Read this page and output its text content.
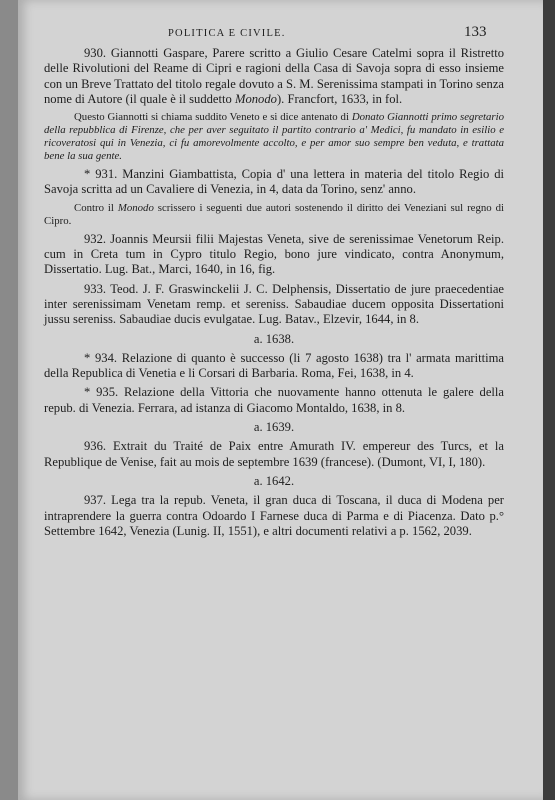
POLITICA E CIVILE.	133

930. Giannotti Gaspare, Parere scritto a Giulio Cesare Catelmi sopra il Ristretto delle Rivolutioni del Reame di Cipri e ragioni della Casa di Savoja sopra di esso insieme con un Breve Trattato del titolo regale dovuto a S. M. Serenissima stampati in Torino senza nome di Autore (il quale è il suddetto Monodo). Francfort, 1633, in fol.

Questo Giannotti si chiama suddito Veneto e si dice antenato di Donato Giannotti primo segretario della repubblica di Firenze, che per aver seguitato il partito contrario a' Medici, fu mandato in esilio e ricoveratosi qui in Venezia, ci fu amorevolmente accolto, e per amor suo sempre ben veduta, e trattata bene la sua gente.

* 931. Manzini Giambattista, Copia d' una lettera in materia del titolo Regio di Savoja scritta ad un Cavaliere di Venezia, in 4, data da Torino, senz' anno.

Contro il Monodo scrissero i seguenti due autori sostenendo il diritto dei Veneziani sul regno di Cipro.

932. Joannis Meursii filii Majestas Veneta, sive de serenissimae Venetorum Reip. cum in Creta tum in Cypro titulo Regio, bono jure vindicato, contra Anonymum, Dissertatio. Lug. Bat., Marci, 1640, in 16, fig.

933. Teod. J. F. Graswinckelii J. C. Delphensis, Dissertatio de jure praecedentiae inter serenissimam Venetam remp. et sereniss. Sabaudiae ducem opposita Dissertationi jussu sereniss. Sabaudiae ducis evulgatae. Lug. Batav., Elzevir, 1644, in 8.

a. 1638.

* 934. Relazione di quanto è successo (li 7 agosto 1638) tra l' armata marittima della Republica di Venetia e li Corsari di Barbaria. Roma, Fei, 1638, in 4.

* 935. Relazione della Vittoria che nuovamente hanno ottenuta le galere della repub. di Venezia. Ferrara, ad istanza di Giacomo Montaldo, 1638, in 8.

a. 1639.

936. Extrait du Traité de Paix entre Amurath IV. empereur des Turcs, et la Republique de Venise, fait au mois de septembre 1639 (francese). (Dumont, VI, I, 180).

a. 1642.

937. Lega tra la repub. Veneta, il gran duca di Toscana, il duca di Modena per intraprendere la guerra contra Odoardo I Farnese duca di Parma e di Piacenza. Dato p.° Settembre 1642, Venezia (Lunig. II, 1551), e altri documenti relativi a p. 1562, 2039.
